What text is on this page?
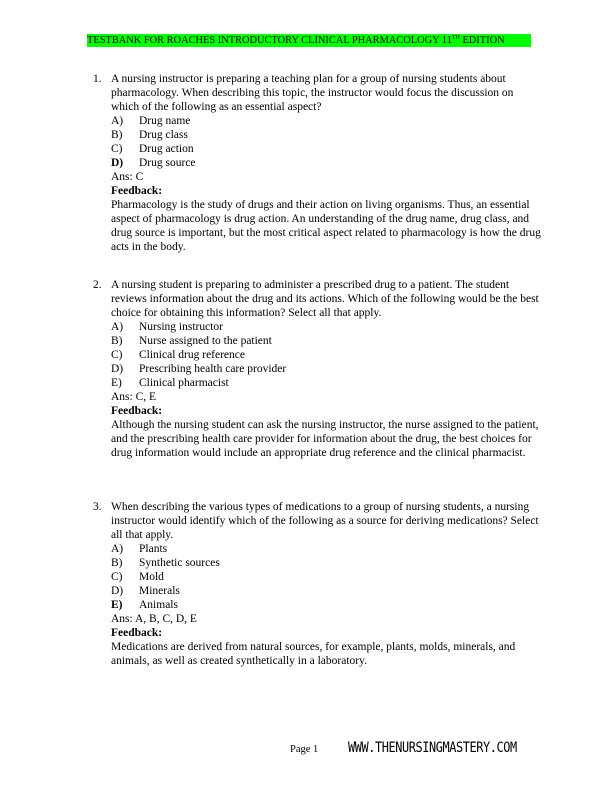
TESTBANK FOR ROACHES INTRODUCTORY CLINICAL PHARMACOLOGY 11TH EDITION
1. A nursing instructor is preparing a teaching plan for a group of nursing students about pharmacology. When describing this topic, the instructor would focus the discussion on which of the following as an essential aspect?
A) Drug name
B) Drug class
C) Drug action
D) Drug source
Ans: C
Feedback:
Pharmacology is the study of drugs and their action on living organisms. Thus, an essential aspect of pharmacology is drug action. An understanding of the drug name, drug class, and drug source is important, but the most critical aspect related to pharmacology is how the drug acts in the body.
2. A nursing student is preparing to administer a prescribed drug to a patient. The student reviews information about the drug and its actions. Which of the following would be the best choice for obtaining this information? Select all that apply.
A) Nursing instructor
B) Nurse assigned to the patient
C) Clinical drug reference
D) Prescribing health care provider
E) Clinical pharmacist
Ans: C, E
Feedback:
Although the nursing student can ask the nursing instructor, the nurse assigned to the patient, and the prescribing health care provider for information about the drug, the best choices for drug information would include an appropriate drug reference and the clinical pharmacist.
3. When describing the various types of medications to a group of nursing students, a nursing instructor would identify which of the following as a source for deriving medications? Select all that apply.
A) Plants
B) Synthetic sources
C) Mold
D) Minerals
E) Animals
Ans: A, B, C, D, E
Feedback:
Medications are derived from natural sources, for example, plants, molds, minerals, and animals, as well as created synthetically in a laboratory.
Page 1 WWW.THENURSINGMASTERY.COM
